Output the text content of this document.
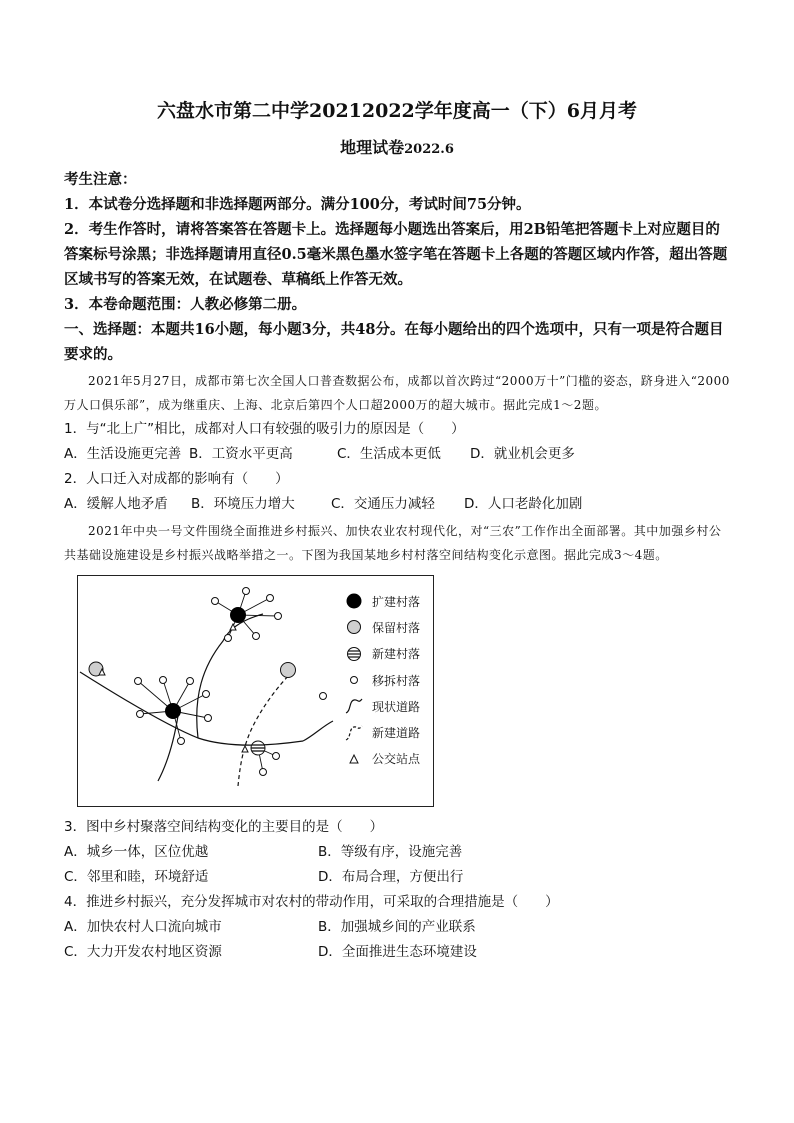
六盘水市第二中学20212022学年度高一（下）6月月考
地理试卷2022.6

考生注意：

1．本试卷分选择题和非选择题两部分。满分100分，考试时间75分钟。

2．考生作答时，请将答案答在答题卡上。选择题每小题选出答案后，用2B铅笔把答题卡上对应题目的答案标号涂黑；非选择题请用直径0.5毫米黑色墨水签字笔在答题卡上各题的答题区域内作答，超出答题区域书写的答案无效，在试题卷、草稿纸上作答无效。

3．本卷命题范围：人教必修第二册。

一、选择题：本题共16小题，每小题3分，共48分。在每小题给出的四个选项中，只有一项是符合题目要求的。

2021年5月27日，成都市第七次全国人口普查数据公布，成都以首次跨过“2000万十”门槛的姿态，跻身进入“2000万人口俱乐部”，成为继重庆、上海、北京后第四个人口超2000万的超大城市。据此完成1～2题。

1．与“北上广”相比，成都对人口有较强的吸引力的原因是（　　）

A．生活设施更完善 B．工资水平更高	C．生活成本更低	D．就业机会更多

2．人口迁入对成都的影响有（　　）

A．缓解人地矛盾	B．环境压力增大	C．交通压力减轻	D．人口老龄化加剧

2021年中央一号文件围绕全面推进乡村振兴、加快农业农村现代化，对“三农”工作作出全面部署。其中加强乡村公共基础设施建设是乡村振兴战略举措之一。下图为我国某地乡村村落空间结构变化示意图。据此完成3～4题。

扩建村落
保留村落
新建村落
移拆村落
现状道路
新建道路
公交站点

3．图中乡村聚落空间结构变化的主要目的是（　　）

A．城乡一体，区位优越	B．等级有序，设施完善
C．邻里和睦，环境舒适	D．布局合理，方便出行

4．推进乡村振兴，充分发挥城市对农村的带动作用，可采取的合理措施是（　　）

A．加快农村人口流向城市	B．加强城乡间的产业联系
C．大力开发农村地区资源	D．全面推进生态环境建设
